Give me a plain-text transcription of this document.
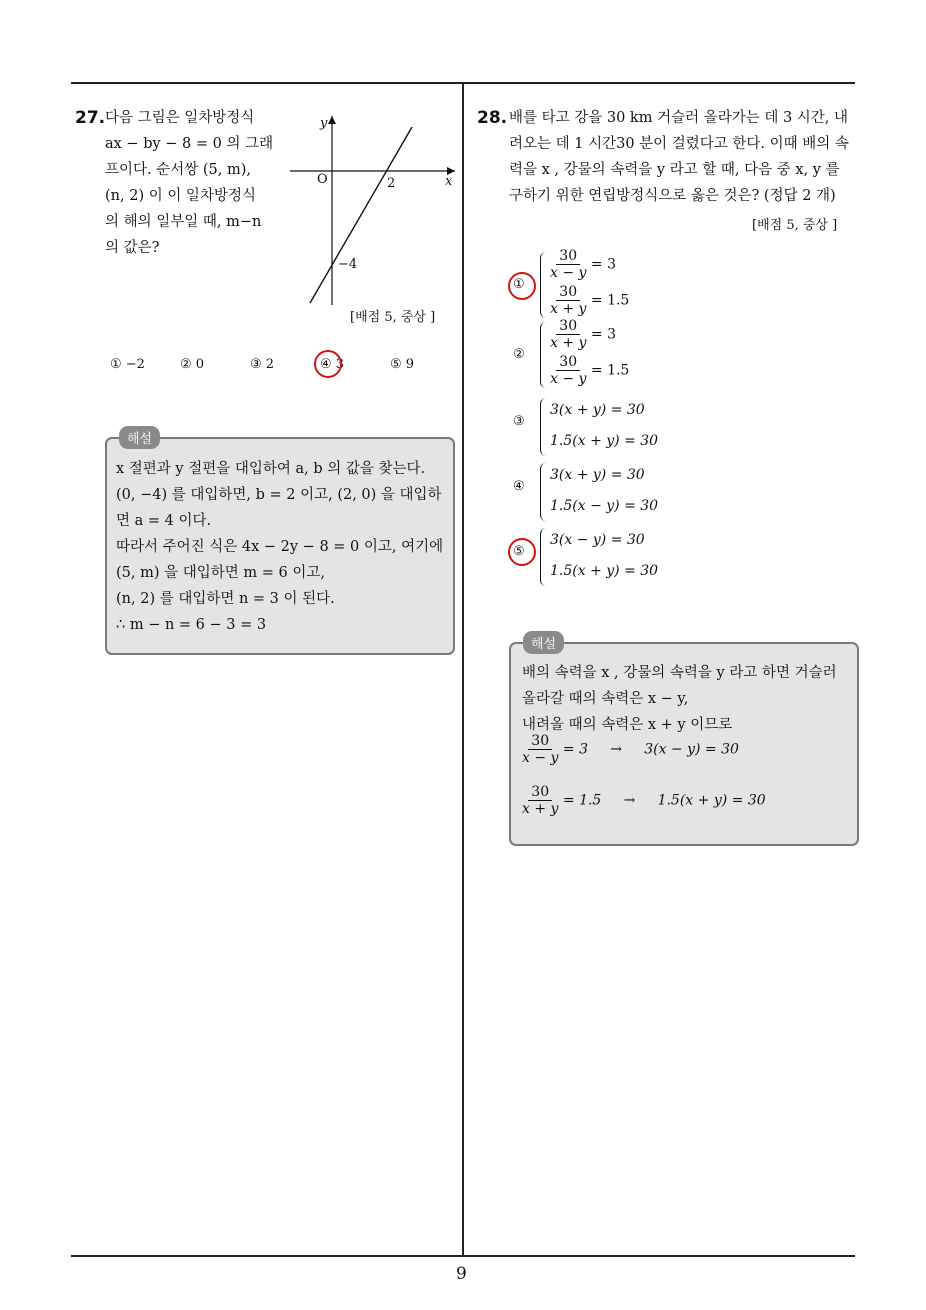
27. 다음 그림은 일차방정식
ax − by − 8 = 0 의 그래
프이다. 순서쌍 (5, m),
(n, 2) 이 이 일차방정식
의 해의 일부일 때, m−n
의 값은?
y
x
O	2
−4
[배점 5, 중상 ]
① −2	② 0	③ 2	④ 3	⑤ 9
해설
x 절편과 y 절편을 대입하여 a, b 의 값을 찾는다.
(0, −4) 를 대입하면, b = 2 이고, (2, 0) 을 대입하
면 a = 4 이다.
따라서 주어진 식은 4x − 2y − 8 = 0 이고, 여기에
(5, m) 을 대입하면 m = 6 이고,
(n, 2) 를 대입하면 n = 3 이 된다.
∴ m − n = 6 − 3 = 3
28. 배를 타고 강을 30 km 거슬러 올라가는 데 3 시간, 내
려오는 데 1 시간30 분이 걸렸다고 한다. 이때 배의 속
력을 x , 강물의 속력을 y 라고 할 때, 다음 중 x, y 를
구하기 위한 연립방정식으로 옳은 것은? (정답 2 개)
[배점 5, 중상 ]
①
$\frac{30}{x - y} = 3$
$\frac{30}{x + y} = 1.5$
②
$\frac{30}{x + y} = 3$
$\frac{30}{x - y} = 1.5$
③
3(x + y) = 30
1.5(x + y) = 30
④
3(x + y) = 30
1.5(x − y) = 30
⑤
3(x − y) = 30
1.5(x + y) = 30
해설
배의 속력을 x , 강물의 속력을 y 라고 하면 거슬러
올라갈 때의 속력은 x − y,
내려올 때의 속력은 x + y 이므로
$\frac{30}{x - y} = 3$     →     3(x − y) = 30
$\frac{30}{x + y} = 1.5$     →     1.5(x + y) = 30
9
